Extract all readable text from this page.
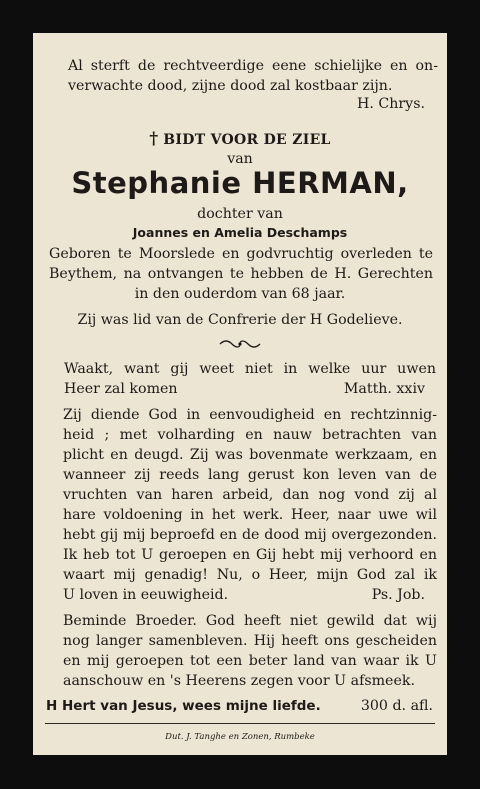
Al sterft de rechtveerdige eene schielijke en on-
verwachte dood, zijne dood zal kostbaar zijn.
H. Chrys.
† BIDT VOOR DE ZIEL
van
Stephanie HERMAN,
dochter van
Joannes en Amelia Deschamps
Geboren te Moorslede en godvruchtig overleden te
Beythem, na ontvangen te hebben de H. Gerechten
in den ouderdom van 68 jaar.
Zij was lid van de Confrerie der H Godelieve.
Waakt, want gij weet niet in welke uur uwen
Heer zal komen	Matth. xxiv
Zij diende God in eenvoudigheid en rechtzinnig-
heid ; met volharding en nauw betrachten van
plicht en deugd. Zij was bovenmate werkzaam, en
wanneer zij reeds lang gerust kon leven van de
vruchten van haren arbeid, dan nog vond zij al
hare voldoening in het werk. Heer, naar uwe wil
hebt gij mij beproefd en de dood mij overgezonden.
Ik heb tot U geroepen en Gij hebt mij verhoord en
waart mij genadig! Nu, o Heer, mijn God zal ik
U loven in eeuwigheid.	Ps. Job.
Beminde Broeder. God heeft niet gewild dat wij
nog langer samenbleven. Hij heeft ons gescheiden
en mij geroepen tot een beter land van waar ik U
aanschouw en 's Heerens zegen voor U afsmeek.
H Hert van Jesus, wees mijne liefde.	300 d. afl.
Dut. J. Tanghe en Zonen, Rumbeke
